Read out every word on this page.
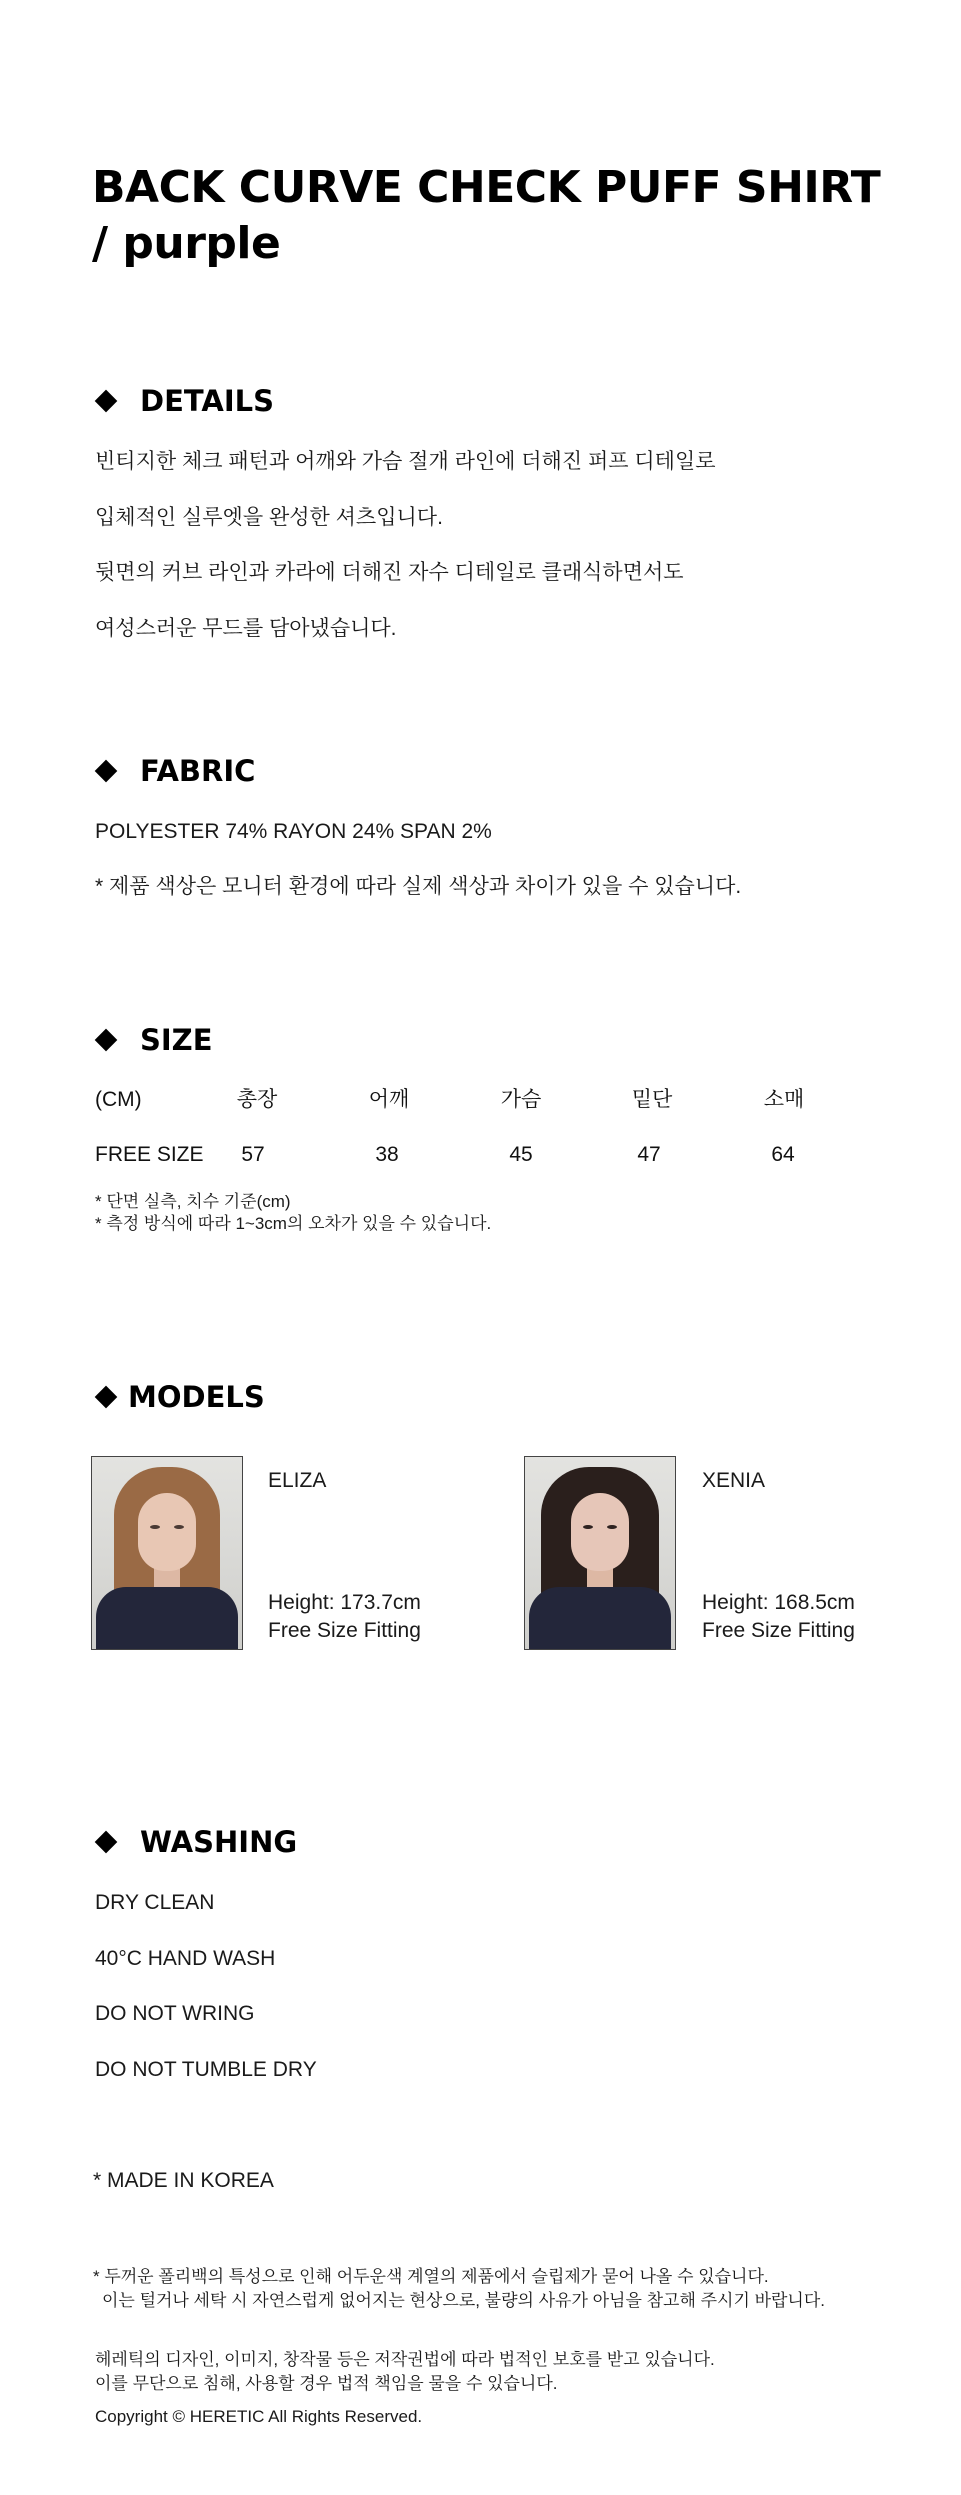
BACK CURVE CHECK PUFF SHIRT
/ purple
DETAILS
빈티지한 체크 패턴과 어깨와 가슴 절개 라인에 더해진 퍼프 디테일로
입체적인 실루엣을 완성한 셔츠입니다.
뒷면의 커브 라인과 카라에 더해진 자수 디테일로 클래식하면서도
여성스러운 무드를 담아냈습니다.
FABRIC
POLYESTER 74% RAYON 24% SPAN 2%
* 제품 색상은 모니터 환경에 따라 실제 색상과 차이가 있을 수 있습니다.
SIZE
(CM)	총장	어깨	가슴	밑단	소매
FREE SIZE	57	38	45	47	64
* 단면 실측, 치수 기준(cm)
* 측정 방식에 따라 1~3cm의 오차가 있을 수 있습니다.
MODELS
ELIZA
Height: 173.7cm
Free Size Fitting
XENIA
Height: 168.5cm
Free Size Fitting
WASHING
DRY CLEAN
40°C HAND WASH
DO NOT WRING
DO NOT TUMBLE DRY
* MADE IN KOREA
* 두꺼운 폴리백의 특성으로 인해 어두운색 계열의 제품에서 슬립제가 묻어 나올 수 있습니다.
이는 털거나 세탁 시 자연스럽게 없어지는 현상으로, 불량의 사유가 아님을 참고해 주시기 바랍니다.
헤레틱의 디자인, 이미지, 창작물 등은 저작권법에 따라 법적인 보호를 받고 있습니다.
이를 무단으로 침해, 사용할 경우 법적 책임을 물을 수 있습니다.
Copyright © HERETIC All Rights Reserved.
